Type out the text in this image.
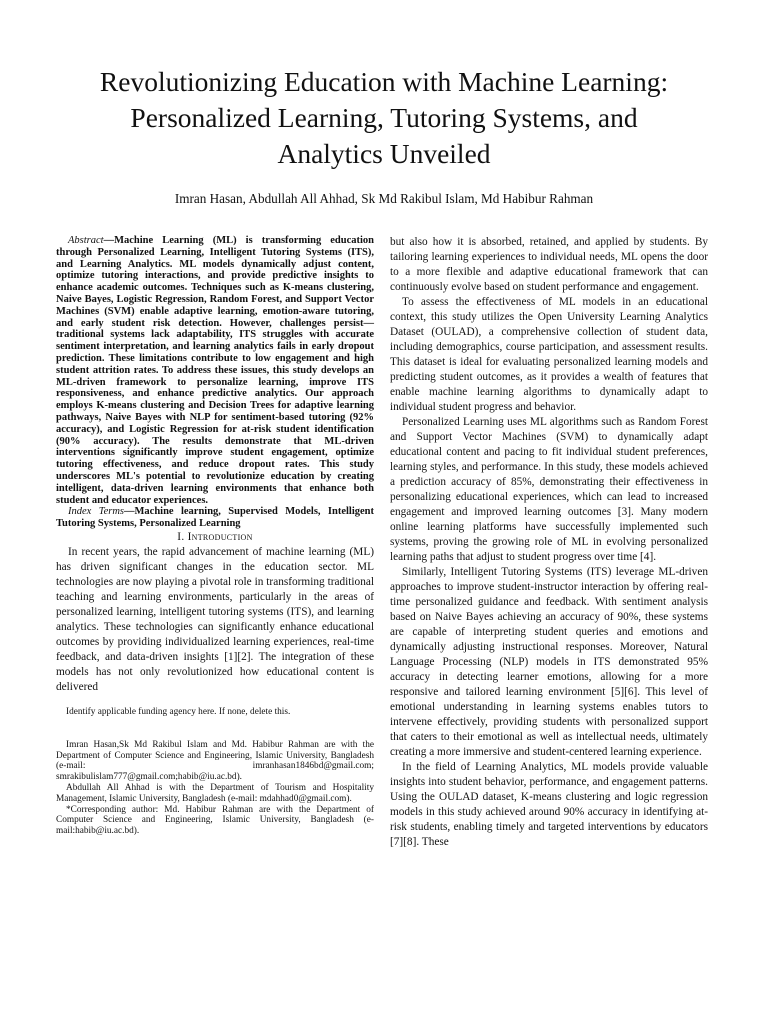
Revolutionizing Education with Machine Learning:
Personalized Learning, Tutoring Systems, and
Analytics Unveiled
Imran Hasan, Abdullah All Ahhad, Sk Md Rakibul Islam, Md Habibur Rahman

Abstract—Machine Learning (ML) is transforming education through Personalized Learning, Intelligent Tutoring Systems (ITS), and Learning Analytics. ML models dynamically adjust content, optimize tutoring interactions, and provide predictive insights to enhance academic outcomes. Techniques such as K-means clustering, Naive Bayes, Logistic Regression, Random Forest, and Support Vector Machines (SVM) enable adaptive learning, emotion-aware tutoring, and early student risk detection. However, challenges persist—traditional systems lack adaptability, ITS struggles with accurate sentiment interpretation, and learning analytics fails in early dropout prediction. These limitations contribute to low engagement and high student attrition rates. To address these issues, this study develops an ML-driven framework to personalize learning, improve ITS responsiveness, and enhance predictive analytics. Our approach employs K-means clustering and Decision Trees for adaptive learning pathways, Naive Bayes with NLP for sentiment-based tutoring (92% accuracy), and Logistic Regression for at-risk student identification (90% accuracy). The results demonstrate that ML-driven interventions significantly improve student engagement, optimize tutoring effectiveness, and reduce dropout rates. This study underscores ML's potential to revolutionize education by creating intelligent, data-driven learning environments that enhance both student and educator experiences.

Index Terms—Machine learning, Supervised Models, Intelligent Tutoring Systems, Personalized Learning

I. Introduction

In recent years, the rapid advancement of machine learning (ML) has driven significant changes in the education sector. ML technologies are now playing a pivotal role in transforming traditional teaching and learning environments, particularly in the areas of personalized learning, intelligent tutoring systems (ITS), and learning analytics. These technologies can significantly enhance educational outcomes by providing individualized learning experiences, real-time feedback, and data-driven insights [1][2]. The integration of these models has not only revolutionized how educational content is delivered

Identify applicable funding agency here. If none, delete this.

Imran Hasan,Sk Md Rakibul Islam and Md. Habibur Rahman are with the Department of Computer Science and Engineering, Islamic University, Bangladesh (e-mail: imranhasan1846bd@gmail.com; smrakibulislam777@gmail.com;habib@iu.ac.bd).

Abdullah All Ahhad is with the Department of Tourism and Hospitality Management, Islamic University, Bangladesh (e-mail: mdahhad0@gmail.com).

*Corresponding author: Md. Habibur Rahman are with the Department of Computer Science and Engineering, Islamic University, Bangladesh (e-mail:habib@iu.ac.bd).

but also how it is absorbed, retained, and applied by students. By tailoring learning experiences to individual needs, ML opens the door to a more flexible and adaptive educational framework that can continuously evolve based on student performance and engagement.

To assess the effectiveness of ML models in an educational context, this study utilizes the Open University Learning Analytics Dataset (OULAD), a comprehensive collection of student data, including demographics, course participation, and assessment results. This dataset is ideal for evaluating personalized learning models and predicting student outcomes, as it provides a wealth of features that enable machine learning algorithms to dynamically adapt to individual student progress and behavior.

Personalized Learning uses ML algorithms such as Random Forest and Support Vector Machines (SVM) to dynamically adapt educational content and pacing to fit individual student preferences, learning styles, and performance. In this study, these models achieved a prediction accuracy of 85%, demonstrating their effectiveness in personalizing educational experiences, which can lead to increased engagement and improved learning outcomes [3]. Many modern online learning platforms have successfully implemented such systems, proving the growing role of ML in evolving personalized learning paths that adjust to student progress over time [4].

Similarly, Intelligent Tutoring Systems (ITS) leverage ML-driven approaches to improve student-instructor interaction by offering real-time personalized guidance and feedback. With sentiment analysis based on Naive Bayes achieving an accuracy of 90%, these systems are capable of interpreting student queries and emotions and dynamically adjusting instructional responses. Moreover, Natural Language Processing (NLP) models in ITS demonstrated 95% accuracy in detecting learner emotions, allowing for a more responsive and tailored learning environment [5][6]. This level of emotional understanding in learning systems enables tutors to intervene effectively, providing students with personalized support that caters to their emotional as well as intellectual needs, ultimately creating a more immersive and student-centered learning experience.

In the field of Learning Analytics, ML models provide valuable insights into student behavior, performance, and engagement patterns. Using the OULAD dataset, K-means clustering and logic regression models in this study achieved around 90% accuracy in identifying at-risk students, enabling timely and targeted interventions by educators [7][8]. These
